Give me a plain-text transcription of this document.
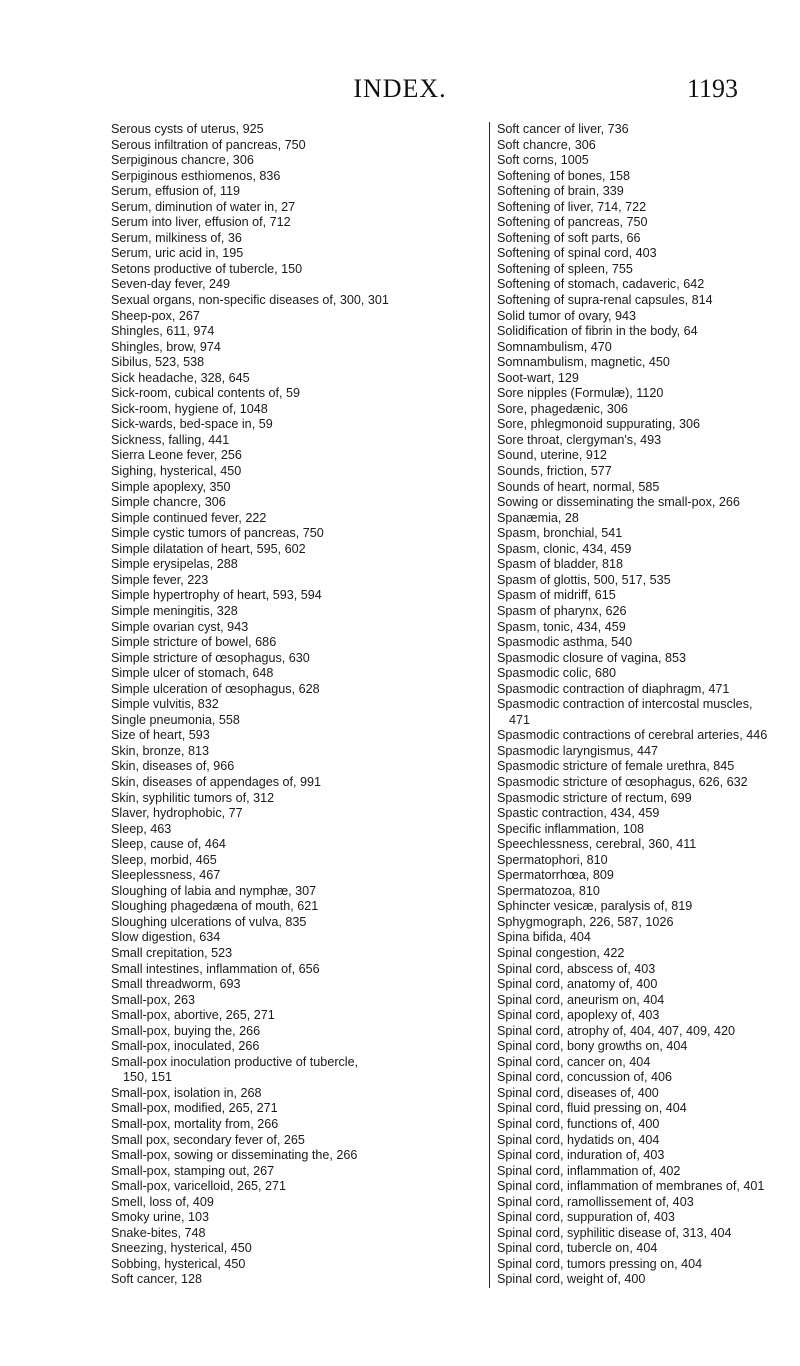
INDEX.	1193
Serous cysts of uterus, 925
Serous infiltration of pancreas, 750
Serpiginous chancre, 306
Serpiginous esthiomenos, 836
Serum, effusion of, 119
Serum, diminution of water in, 27
Serum into liver, effusion of, 712
Serum, milkiness of, 36
Serum, uric acid in, 195
Setons productive of tubercle, 150
Seven-day fever, 249
Sexual organs, non-specific diseases of, 300, 301
Sheep-pox, 267
Shingles, 611, 974
Shingles, brow, 974
Sibilus, 523, 538
Sick headache, 328, 645
Sick-room, cubical contents of, 59
Sick-room, hygiene of, 1048
Sick-wards, bed-space in, 59
Sickness, falling, 441
Sierra Leone fever, 256
Sighing, hysterical, 450
Simple apoplexy, 350
Simple chancre, 306
Simple continued fever, 222
Simple cystic tumors of pancreas, 750
Simple dilatation of heart, 595, 602
Simple erysipelas, 288
Simple fever, 223
Simple hypertrophy of heart, 593, 594
Simple meningitis, 328
Simple ovarian cyst, 943
Simple stricture of bowel, 686
Simple stricture of œsophagus, 630
Simple ulcer of stomach, 648
Simple ulceration of œsophagus, 628
Simple vulvitis, 832
Single pneumonia, 558
Size of heart, 593
Skin, bronze, 813
Skin, diseases of, 966
Skin, diseases of appendages of, 991
Skin, syphilitic tumors of, 312
Slaver, hydrophobic, 77
Sleep, 463
Sleep, cause of, 464
Sleep, morbid, 465
Sleeplessness, 467
Sloughing of labia and nymphæ, 307
Sloughing phagedæna of mouth, 621
Sloughing ulcerations of vulva, 835
Slow digestion, 634
Small crepitation, 523
Small intestines, inflammation of, 656
Small threadworm, 693
Small-pox, 263
Small-pox, abortive, 265, 271
Small-pox, buying the, 266
Small-pox, inoculated, 266
Small-pox inoculation productive of tubercle,
150, 151
Small-pox, isolation in, 268
Small-pox, modified, 265, 271
Small-pox, mortality from, 266
Small pox, secondary fever of, 265
Small-pox, sowing or disseminating the, 266
Small-pox, stamping out, 267
Small-pox, varicelloid, 265, 271
Smell, loss of, 409
Smoky urine, 103
Snake-bites, 748
Sneezing, hysterical, 450
Sobbing, hysterical, 450
Soft cancer, 128
Soft cancer of liver, 736
Soft chancre, 306
Soft corns, 1005
Softening of bones, 158
Softening of brain, 339
Softening of liver, 714, 722
Softening of pancreas, 750
Softening of soft parts, 66
Softening of spinal cord, 403
Softening of spleen, 755
Softening of stomach, cadaveric, 642
Softening of supra-renal capsules, 814
Solid tumor of ovary, 943
Solidification of fibrin in the body, 64
Somnambulism, 470
Somnambulism, magnetic, 450
Soot-wart, 129
Sore nipples (Formulæ), 1120
Sore, phagedænic, 306
Sore, phlegmonoid suppurating, 306
Sore throat, clergyman's, 493
Sound, uterine, 912
Sounds, friction, 577
Sounds of heart, normal, 585
Sowing or disseminating the small-pox, 266
Spanæmia, 28
Spasm, bronchial, 541
Spasm, clonic, 434, 459
Spasm of bladder, 818
Spasm of glottis, 500, 517, 535
Spasm of midriff, 615
Spasm of pharynx, 626
Spasm, tonic, 434, 459
Spasmodic asthma, 540
Spasmodic closure of vagina, 853
Spasmodic colic, 680
Spasmodic contraction of diaphragm, 471
Spasmodic contraction of intercostal muscles,
471
Spasmodic contractions of cerebral arteries, 446
Spasmodic laryngismus, 447
Spasmodic stricture of female urethra, 845
Spasmodic stricture of œsophagus, 626, 632
Spasmodic stricture of rectum, 699
Spastic contraction, 434, 459
Specific inflammation, 108
Speechlessness, cerebral, 360, 411
Spermatophori, 810
Spermatorrhœa, 809
Spermatozoa, 810
Sphincter vesicæ, paralysis of, 819
Sphygmograph, 226, 587, 1026
Spina bifida, 404
Spinal congestion, 422
Spinal cord, abscess of, 403
Spinal cord, anatomy of, 400
Spinal cord, aneurism on, 404
Spinal cord, apoplexy of, 403
Spinal cord, atrophy of, 404, 407, 409, 420
Spinal cord, bony growths on, 404
Spinal cord, cancer on, 404
Spinal cord, concussion of, 406
Spinal cord, diseases of, 400
Spinal cord, fluid pressing on, 404
Spinal cord, functions of, 400
Spinal cord, hydatids on, 404
Spinal cord, induration of, 403
Spinal cord, inflammation of, 402
Spinal cord, inflammation of membranes of, 401
Spinal cord, ramollissement of, 403
Spinal cord, suppuration of, 403
Spinal cord, syphilitic disease of, 313, 404
Spinal cord, tubercle on, 404
Spinal cord, tumors pressing on, 404
Spinal cord, weight of, 400
